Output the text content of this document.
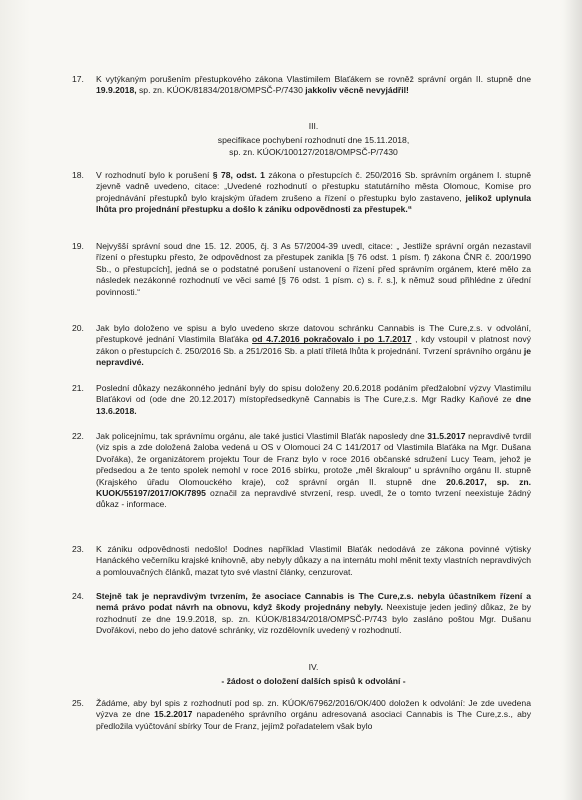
17. K vytýkaným porušením přestupkového zákona Vlastimilem Blaťákem se rovněž správní orgán II. stupně dne 19.9.2018, sp. zn. KÚOK/81834/2018/OMPSČ-P/7430 jakkoliv věcně nevyjádřil!

III.

specifikace pochybení rozhodnutí dne 15.11.2018,

sp. zn. KÚOK/100127/2018/OMPSČ-P/7430

18. V rozhodnutí bylo k porušení § 78, odst. 1 zákona o přestupcích č. 250/2016 Sb. správním orgánem I. stupně zjevně vadně uvedeno, citace: „Uvedené rozhodnutí o přestupku statutárního města Olomouc, Komise pro projednávání přestupků bylo krajským úřadem zrušeno a řízení o přestupku bylo zastaveno, jelikož uplynula lhůta pro projednání přestupku a došlo k zániku odpovědnosti za přestupek.“

19. Nejvyšší správní soud dne 15. 12. 2005, čj. 3 As 57/2004-39 uvedl, citace: „ Jestliže správní orgán nezastavil řízení o přestupku přesto, že odpovědnost za přestupek zanikla [§ 76 odst. 1 písm. f) zákona ČNR č. 200/1990 Sb., o přestupcích], jedná se o podstatné porušení ustanovení o řízení před správním orgánem, které mělo za následek nezákonné rozhodnutí ve věci samé [§ 76 odst. 1 písm. c) s. ř. s.], k němuž soud přihlédne z úřední povinnosti.“

20. Jak bylo doloženo ve spisu a bylo uvedeno skrze datovou schránku Cannabis is The Cure,z.s. v odvolání, přestupkové jednání Vlastimila Blaťáka od 4.7.2016 pokračovalo i po 1.7.2017 , kdy vstoupil v platnost nový zákon o přestupcích č. 250/2016 Sb. a 251/2016 Sb. a platí tříletá lhůta k projednání. Tvrzení správního orgánu je nepravdivé.

21. Poslední důkazy nezákonného jednání byly do spisu doloženy 20.6.2018 podáním předžalobní výzvy Vlastimilu Blaťákovi od (ode dne 20.12.2017) místopředsedkyně Cannabis is The Cure,z.s. Mgr Radky Kaňové ze dne 13.6.2018.

22. Jak policejnímu, tak správnímu orgánu, ale také justici Vlastimil Blaťák naposledy dne 31.5.2017 nepravdivě tvrdil (viz spis a zde doložená žaloba vedená u OS v Olomouci 24 C 141/2017 od Vlastimila Blaťáka na Mgr. Dušana Dvořáka), že organizátorem projektu Tour de Franz bylo v roce 2016 občanské sdružení Lucy Team, jehož je předsedou a že tento spolek nemohl v roce 2016 sbírku, protože „měl škraloup“ u správního orgánu II. stupně (Krajského úřadu Olomouckého kraje), což správní orgán II. stupně dne 20.6.2017, sp. zn. KUOK/55197/2017/OK/7895 označil za nepravdivé stvrzení, resp. uvedl, že o tomto tvrzení neexistuje žádný důkaz - informace.

23. K zániku odpovědnosti nedošlo! Dodnes například Vlastimil Blaťák nedodává ze zákona povinné výtisky Hanáckého večerníku krajské knihovně, aby nebyly důkazy a na internátu mohl měnit texty vlastních nepravdivých a pomlouvačných článků, mazat tyto své vlastní články, cenzurovat.

24. Stejně tak je nepravdivým tvrzením, že asociace Cannabis is The Cure,z.s. nebyla účastníkem řízení a nemá právo podat návrh na obnovu, když škody projednány nebyly. Neexistuje jeden jediný důkaz, že by rozhodnutí ze dne 19.9.2018, sp. zn. KÚOK/81834/2018/OMPSČ-P/743 bylo zasláno poštou Mgr. Dušanu Dvořákovi, nebo do jeho datové schránky, viz rozdělovník uvedený v rozhodnutí.

IV.

- žádost o doložení dalších spisů k odvolání -

25. Žádáme, aby byl spis z rozhodnutí pod sp. zn. KÚOK/67962/2016/OK/400 doložen k odvolání: Je zde uvedena výzva ze dne 15.2.2017 napadeného správního orgánu adresovaná asociaci Cannabis is The Cure,z.s., aby předložila vyúčtování sbírky Tour de Franz, jejímž pořadatelem však bylo
